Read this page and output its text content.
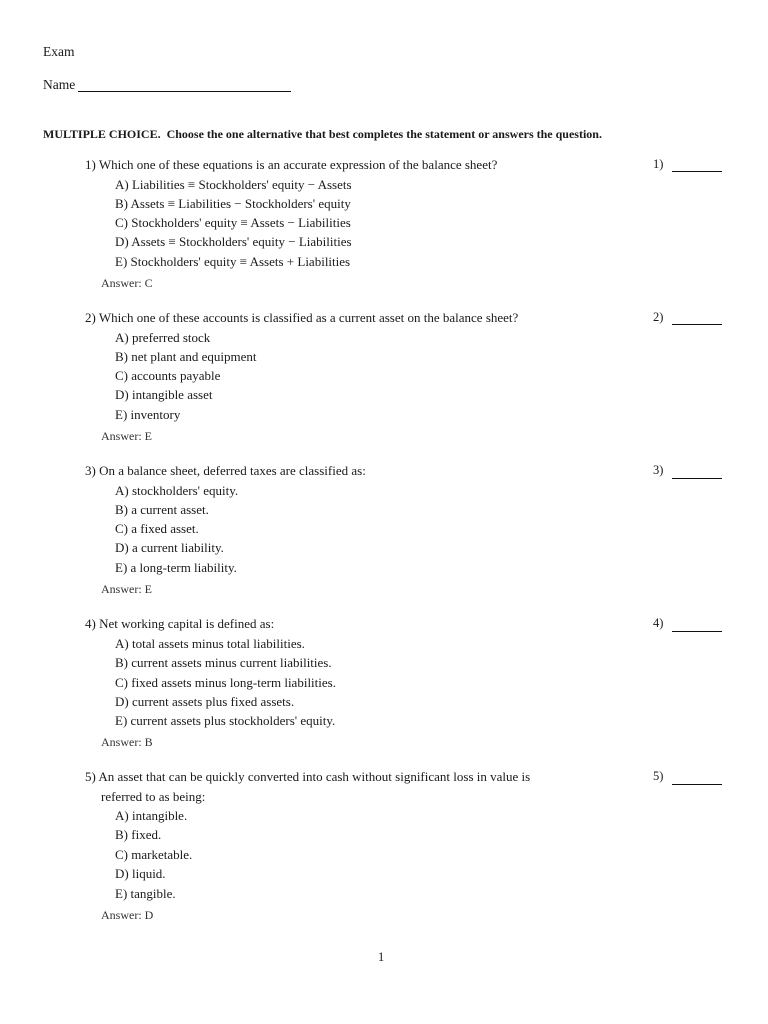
Exam
Name
MULTIPLE CHOICE. Choose the one alternative that best completes the statement or answers the question.
1) Which one of these equations is an accurate expression of the balance sheet?
A) Liabilities ≡ Stockholders' equity − Assets
B) Assets ≡ Liabilities − Stockholders' equity
C) Stockholders' equity ≡ Assets − Liabilities
D) Assets ≡ Stockholders' equity − Liabilities
E) Stockholders' equity ≡ Assets + Liabilities
Answer: C
1)
2) Which one of these accounts is classified as a current asset on the balance sheet?
A) preferred stock
B) net plant and equipment
C) accounts payable
D) intangible asset
E) inventory
Answer: E
2)
3) On a balance sheet, deferred taxes are classified as:
A) stockholders' equity.
B) a current asset.
C) a fixed asset.
D) a current liability.
E) a long-term liability.
Answer: E
3)
4) Net working capital is defined as:
A) total assets minus total liabilities.
B) current assets minus current liabilities.
C) fixed assets minus long-term liabilities.
D) current assets plus fixed assets.
E) current assets plus stockholders' equity.
Answer: B
4)
5) An asset that can be quickly converted into cash without significant loss in value is
referred to as being:
A) intangible.
B) fixed.
C) marketable.
D) liquid.
E) tangible.
Answer: D
5)
1
